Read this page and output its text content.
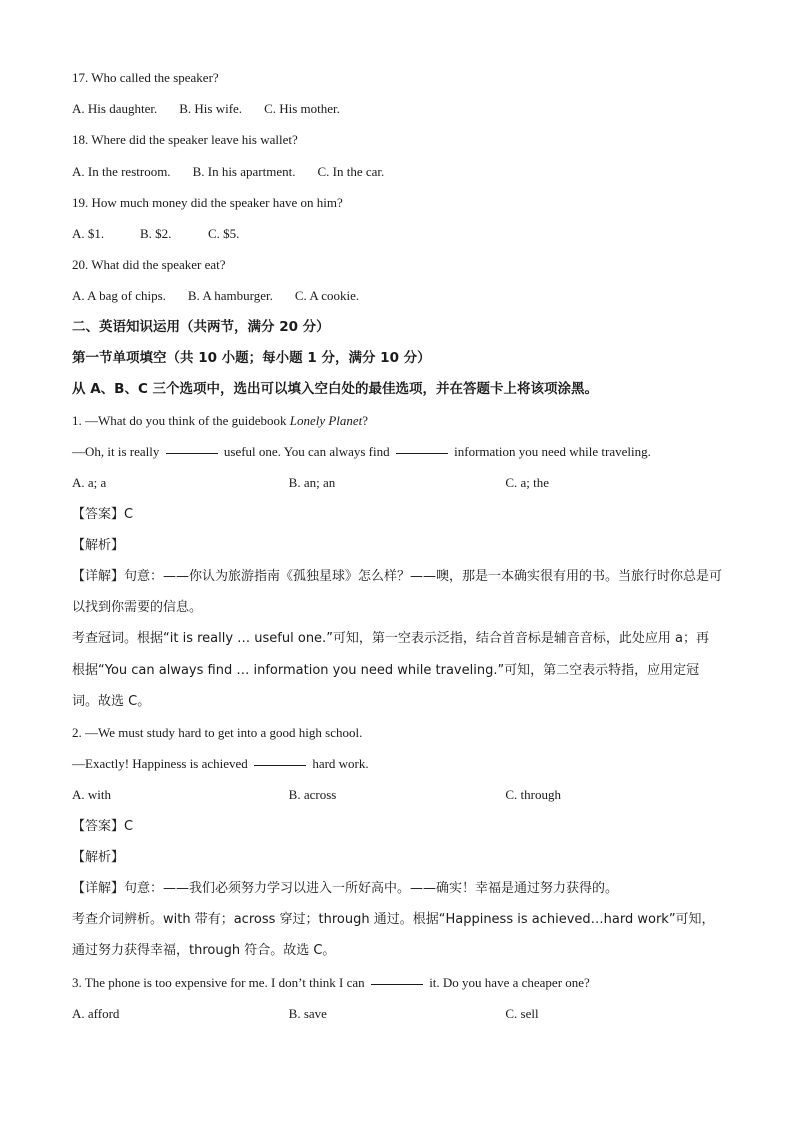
17. Who called the speaker?
A. His daughter. B. His wife. C. His mother.
18. Where did the speaker leave his wallet?
A. In the restroom. B. In his apartment. C. In the car.
19. How much money did the speaker have on him?
A. $1.	B. $2.	C. $5.
20. What did the speaker eat?
A. A bag of chips. B. A hamburger. C. A cookie.
二、英语知识运用（共两节，满分 20 分）
第一节单项填空（共 10 小题；每小题 1 分，满分 10 分）
从 A、B、C 三个选项中，选出可以填入空白处的最佳选项，并在答题卡上将该项涂黑。
1. —What do you think of the guidebook Lonely Planet?
—Oh, it is really	useful one. You can always find	information you need while traveling.
A. a; a	B. an; an	C. a; the
【答案】C
【解析】
【详解】句意：——你认为旅游指南《孤独星球》怎么样？——噢，那是一本确实很有用的书。当旅行时你总是可以找到你需要的信息。
考查冠词。根据“it is really … useful one.”可知，第一空表示泛指，结合首音标是辅音音标，此处应用 a；再根据“You can always find … information you need while traveling.”可知，第二空表示特指，应用定冠词。故选 C。
2. —We must study hard to get into a good high school.
—Exactly! Happiness is achieved	hard work.
A. with	B. across	C. through
【答案】C
【解析】
【详解】句意：——我们必须努力学习以进入一所好高中。——确实！幸福是通过努力获得的。
考查介词辨析。with 带有；across 穿过；through 通过。根据“Happiness is achieved…hard work”可知，通过努力获得幸福，through 符合。故选 C。
3. The phone is too expensive for me. I don’t think I can	it. Do you have a cheaper one?
A. afford	B. save	C. sell
